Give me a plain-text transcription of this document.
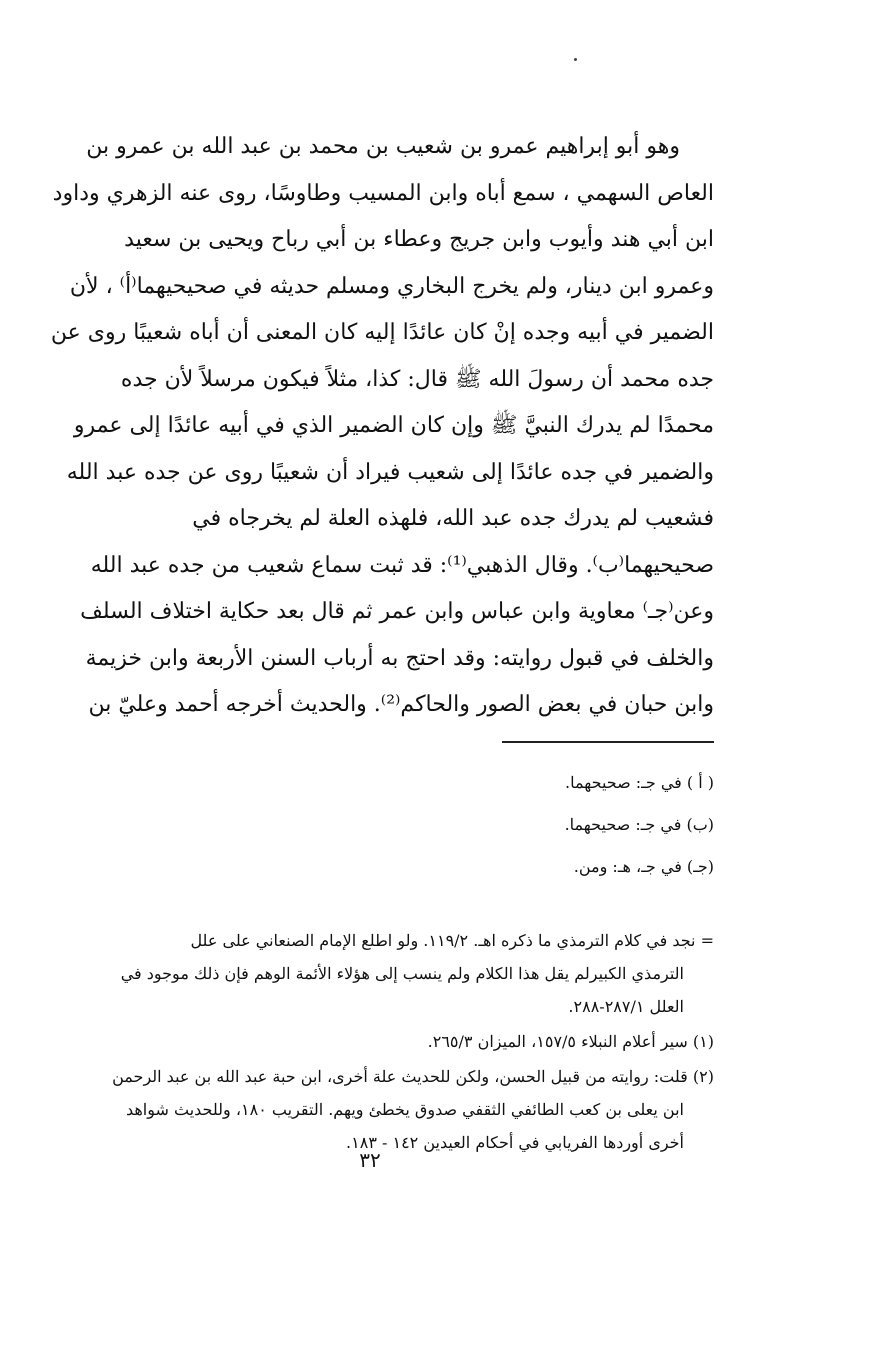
وهو أبو إبراهيم عمرو بن شعيب بن محمد بن عبد الله بن عمرو بن
العاص السهمي ، سمع أباه وابن المسيب وطاوسًا، روى عنه الزهري وداود
ابن أبي هند وأيوب وابن جريج وعطاء بن أبي رباح ويحيى بن سعيد
وعمرو ابن دينار، ولم يخرج البخاري ومسلم حديثه في صحيحيهما⁽أ⁾ ، لأن
الضمير في أبيه وجده إنْ كان عائدًا إليه كان المعنى أن أباه شعيبًا روى عن
جده محمد أن رسولَ الله ﷺ قال: كذا، مثلاً فيكون مرسلاً لأن جده
محمدًا لم يدرك النبيَّ ﷺ وإن كان الضمير الذي في أبيه عائدًا إلى عمرو
والضمير في جده عائدًا إلى شعيب فيراد أن شعيبًا روى عن جده عبد الله
فشعيب لم يدرك جده عبد الله، فلهذه العلة لم يخرجاه في
صحيحيهما⁽ب⁾. وقال الذهبي⁽¹⁾: قد ثبت سماع شعيب من جده عبد الله
وعن⁽جـ⁾ معاوية وابن عباس وابن عمر ثم قال بعد حكاية اختلاف السلف
والخلف في قبول روايته: وقد احتج به أرباب السنن الأربعة وابن خزيمة
وابن حبان في بعض الصور والحاكم⁽²⁾. والحديث أخرجه أحمد وعليّ بن
( أ ) في جـ: صحيحهما.
(ب) في جـ: صحيحهما.
(جـ) في جـ، هـ: ومن.
= نجد في كلام الترمذي ما ذكره اهـ. ١١٩/٢. ولو اطلع الإمام الصنعاني على علل
الترمذي الكبيرلم يقل هذا الكلام ولم ينسب إلى هؤلاء الأئمة الوهم فإن ذلك موجود في
العلل ٢٨٧/١-٢٨٨.
(١) سير أعلام النبلاء ١٥٧/٥، الميزان ٢٦٥/٣.
(٢) قلت: روايته من قبيل الحسن، ولكن للحديث علة أخرى، ابن حبة عبد الله بن عبد الرحمن
ابن يعلى بن كعب الطائفي الثقفي صدوق يخطئ ويهم. التقريب ١٨٠، وللحديث شواهد
أخرى أوردها الفريابي في أحكام العيدين ١٤٢ - ١٨٣.
٣٢
